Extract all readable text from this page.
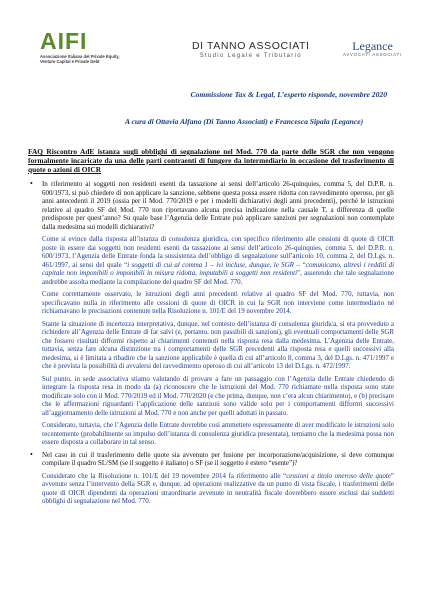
AIFI
Associazione Italiana del Private Equity,
Venture Capital e Private Debt
DI TANNO ASSOCIATI
Studio Legale e Tributario
Legance
AVVOCATI ASSOCIATI
Commissione Tax & Legal, L’esperto risponde, novembre 2020
A cura di Ottavia Alfano (Di Tanno Associati) e Francesca Sipala (Legance)

FAQ Riscontro AdE istanza sugli obblighi di segnalazione nel Mod. 770 da parte delle SGR che non vengono formalmente incaricate da una delle parti contraenti di fungere da intermediario in occasione del trasferimento di quote o azioni di OICR

• In riferimento ai soggetti non residenti esenti da tassazione ai sensi dell’articolo 26-quinquies, comma 5, del D.P.R. n. 600/1973, si può chiedere di non applicare la sanzione, sebbene questa possa essere ridotta con ravvedimento operoso, per gli anni antecedenti il 2019 (ossia per il Mod. 770/2019 e per i modelli dichiarativi degli anni precedenti), perché le istruzioni relative al quadro SF del Mod. 770 non riportavano alcuna precisa indicazione nella causale T, a differenza di quelle predisposte per quest’anno? Su quale base l’Agenzia delle Entrate può applicare sanzioni per segnalazioni non contemplate dalla medesima sui modelli dichiarativi?

Come si evince dalla risposta all’istanza di consulenza giuridica, con specifico riferimento alle cessioni di quote di OICR poste in essere dai soggetti non residenti esenti da tassazione ai sensi dell’articolo 26-quinquies, comma 5, del D.P.R. n. 600/1973, l’Agenzia delle Entrate fonda la sussistenza dell’obbligo di segnalazione sull’articolo 10, comma 2, del D.Lgs. n. 461/1997, ai sensi del quale “i soggetti di cui al comma 1 – ivi incluse, dunque, le SGR – “comunicano, altresì i redditi di capitale non imponibili o imponibili in misura ridotta, imputabili a soggetti non residenti”, asserendo che tale segnalazione andrebbe assolta mediante la compilazione del quadro SF del Mod. 770.

Come correttamente osservato, le istruzioni degli anni precedenti relative al quadro SF del Mod. 770, tuttavia, non specificavano nulla in riferimento alle cessioni di quote di OICR in cui la SGR non interviene come intermediario né richiamavano le precisazioni contenute nella Risoluzione n. 101/E del 19 novembre 2014.

Stante la situazione di incertezza interpretativa, dunque, nel contesto dell’istanza di consulenza giuridica, si era provveduto a richiedere all’Agenzia delle Entrate di far salvi (e, pertanto, non passibili di sanzioni), gli eventuali comportamenti delle SGR che fossero risultati difformi rispetto ai chiarimenti contenuti nella risposta resa dalla medesima. L’Agenzia delle Entrate, tuttavia, senza fare alcuna distinzione tra i comportamenti delle SGR precedenti alla risposta resa e quelli successivi alla medesima, si è limitata a ribadire che la sanzione applicabile è quella di cui all’articolo 8, comma 3, del D.Lgs. n. 471/1997 e che è prevista la possibilità di avvalersi del ravvedimento operoso di cui all’articolo 13 del D.Lgs. n. 472/1997.

Sul punto, in sede associativa stiamo valutando di provare a fare un passaggio con l’Agenzia delle Entrate chiedendo di integrare la risposta resa in modo da (a) riconoscere che le istruzioni del Mod. 770 richiamate nella risposta sono state modificate solo con il Mod. 770/2019 ed il Mod. 770/2020 (e che prima, dunque, non c’era alcun chiarimento), e (b) precisare che le affermazioni riguardanti l’applicazione delle sanzioni sono valide solo per i comportamenti difformi successivi all’aggiornamento delle istruzioni al Mod. 770 e non anche per quelli adottati in passato.

Considerato, tuttavia, che l’Agenzia delle Entrate dovrebbe così ammettere espressamente di aver modificato le istruzioni solo recentemente (probabilmente su impulso dell’istanza di consulenza giuridica presentata), temiamo che la medesima possa non essere disposta a collaborare in tal senso.

• Nel caso in cui il trasferimento delle quote sia avvenuto per fusione per incorporazione/acquisizione, si deve comunque compilare il quadro SL/SM (se il soggetto è italiano) o SF (se il soggetto è estero “esente”)?

Considerato che la Risoluzione n. 101/E del 19 novembre 2014 fa riferimento alle “cessioni a titolo oneroso delle quote” avvenute senza l’intervento della SGR e, dunque, ad operazioni realizzative da un punto di vista fiscale, i trasferimenti delle quote di OICR dipendenti da operazioni straordinarie avvenute in neutralità fiscale dovrebbero essere esclusi dai suddetti obblighi di segnalazione nel Mod. 770.
